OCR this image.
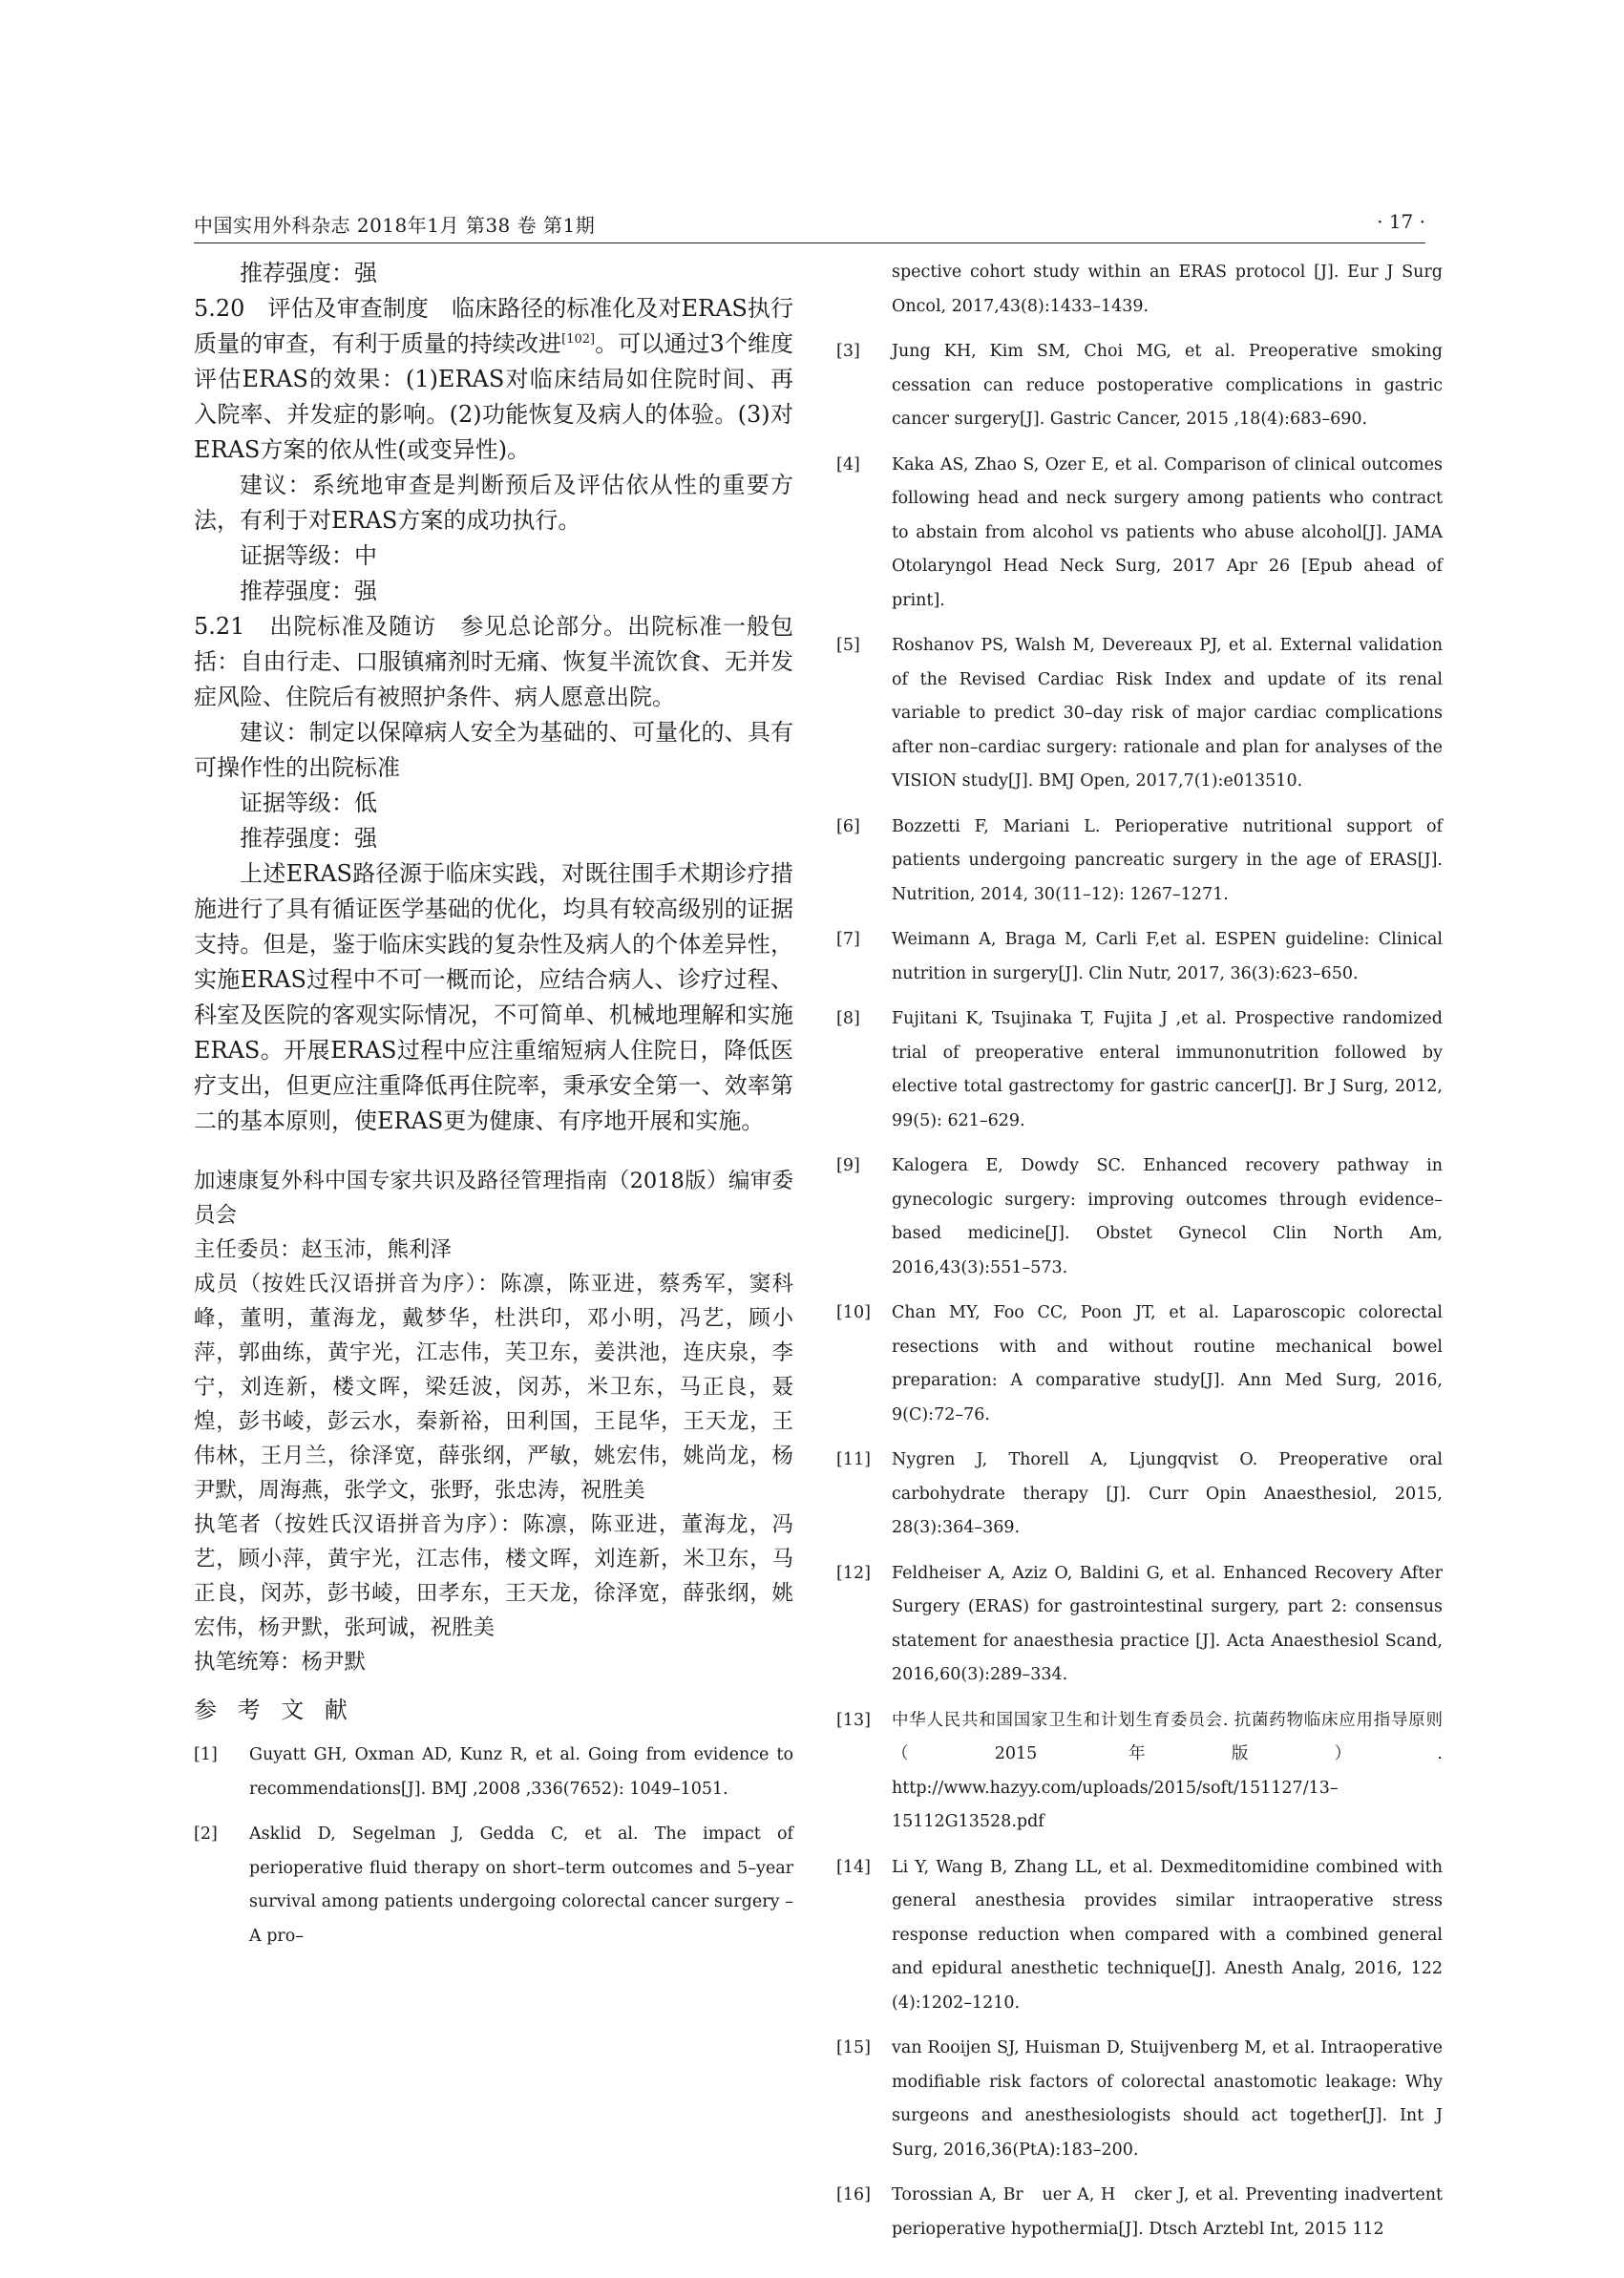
中国实用外科杂志 2018年1月 第38 卷 第1期	· 17 ·

推荐强度：强

5.20　评估及审查制度　临床路径的标准化及对ERAS执行质量的审查，有利于质量的持续改进[102]。可以通过3个维度评估ERAS的效果：(1)ERAS对临床结局如住院时间、再入院率、并发症的影响。(2)功能恢复及病人的体验。(3)对ERAS方案的依从性(或变异性)。

建议：系统地审查是判断预后及评估依从性的重要方法，有利于对ERAS方案的成功执行。

证据等级：中

推荐强度：强

5.21　出院标准及随访　参见总论部分。出院标准一般包括：自由行走、口服镇痛剂时无痛、恢复半流饮食、无并发症风险、住院后有被照护条件、病人愿意出院。

建议：制定以保障病人安全为基础的、可量化的、具有可操作性的出院标准

证据等级：低

推荐强度：强

上述ERAS路径源于临床实践，对既往围手术期诊疗措施进行了具有循证医学基础的优化，均具有较高级别的证据支持。但是，鉴于临床实践的复杂性及病人的个体差异性，实施ERAS过程中不可一概而论，应结合病人、诊疗过程、科室及医院的客观实际情况，不可简单、机械地理解和实施ERAS。开展ERAS过程中应注重缩短病人住院日，降低医疗支出，但更应注重降低再住院率，秉承安全第一、效率第二的基本原则，使ERAS更为健康、有序地开展和实施。

加速康复外科中国专家共识及路径管理指南（2018版）编审委员会

主任委员：赵玉沛，熊利泽

成员（按姓氏汉语拼音为序）：陈凛，陈亚进，蔡秀军，窦科峰，董明，董海龙，戴梦华，杜洪印，邓小明，冯艺，顾小萍，郭曲练，黄宇光，江志伟，芙卫东，姜洪池，连庆泉，李宁，刘连新，楼文晖，梁廷波，闵苏，米卫东，马正良，聂煌，彭书崚，彭云水，秦新裕，田利国，王昆华，王天龙，王伟林，王月兰，徐泽宽，薛张纲，严敏，姚宏伟，姚尚龙，杨尹默，周海燕，张学文，张野，张忠涛，祝胜美

执笔者（按姓氏汉语拼音为序）：陈凛，陈亚进，董海龙，冯艺，顾小萍，黄宇光，江志伟，楼文晖，刘连新，米卫东，马正良，闵苏，彭书崚，田孝东，王天龙，徐泽宽，薛张纲，姚宏伟，杨尹默，张珂诚，祝胜美

执笔统筹：杨尹默

参 考 文 献
[1]	Guyatt GH, Oxman AD, Kunz R, et al. Going from evidence to recommendations[J]. BMJ ,2008 ,336(7652): 1049–1051.
[2]	Asklid D, Segelman J, Gedda C, et al. The impact of perioperative fluid therapy on short–term outcomes and 5–year survival among patients undergoing colorectal cancer surgery – A pro–

spective cohort study within an ERAS protocol [J]. Eur J Surg Oncol, 2017,43(8):1433–1439.

[3]	Jung KH, Kim SM, Choi MG, et al. Preoperative smoking cessation can reduce postoperative complications in gastric cancer surgery[J]. Gastric Cancer, 2015 ,18(4):683–690.
[4]	Kaka AS, Zhao S, Ozer E, et al. Comparison of clinical outcomes following head and neck surgery among patients who contract to abstain from alcohol vs patients who abuse alcohol[J]. JAMA Otolaryngol Head Neck Surg, 2017 Apr 26 [Epub ahead of print].
[5]	Roshanov PS, Walsh M, Devereaux PJ, et al. External validation of the Revised Cardiac Risk Index and update of its renal variable to predict 30–day risk of major cardiac complications after non–cardiac surgery: rationale and plan for analyses of the VISION study[J]. BMJ Open, 2017,7(1):e013510.
[6]	Bozzetti F, Mariani L. Perioperative nutritional support of patients undergoing pancreatic surgery in the age of ERAS[J]. Nutrition, 2014, 30(11–12): 1267–1271.
[7]	Weimann A, Braga M, Carli F,et al. ESPEN guideline: Clinical nutrition in surgery[J]. Clin Nutr, 2017, 36(3):623–650.
[8]	Fujitani K, Tsujinaka T, Fujita J ,et al. Prospective randomized trial of preoperative enteral immunonutrition followed by elective total gastrectomy for gastric cancer[J]. Br J Surg, 2012, 99(5): 621–629.
[9]	Kalogera E, Dowdy SC. Enhanced recovery pathway in gynecologic surgery: improving outcomes through evidence–based medicine[J]. Obstet Gynecol Clin North Am, 2016,43(3):551–573.
[10]	Chan MY, Foo CC, Poon JT, et al. Laparoscopic colorectal resections with and without routine mechanical bowel preparation: A comparative study[J]. Ann Med Surg, 2016, 9(C):72–76.
[11]	Nygren J, Thorell A, Ljungqvist O. Preoperative oral carbohydrate therapy [J]. Curr Opin Anaesthesiol, 2015, 28(3):364–369.
[12]	Feldheiser A, Aziz O, Baldini G, et al. Enhanced Recovery After Surgery (ERAS) for gastrointestinal surgery, part 2: consensus statement for anaesthesia practice [J]. Acta Anaesthesiol Scand, 2016,60(3):289–334.
[13]	中华人民共和国国家卫生和计划生育委员会. 抗菌药物临床应用指导原则（2015 年版）. http://www.hazyy.com/uploads/2015/soft/151127/13–15112G13528.pdf
[14]	Li Y, Wang B, Zhang LL, et al. Dexmeditomidine combined with general anesthesia provides similar intraoperative stress response reduction when compared with a combined general and epidural anesthetic technique[J]. Anesth Analg, 2016, 122 (4):1202–1210.
[15]	van Rooijen SJ, Huisman D, Stuijvenberg M, et al. Intraoperative modifiable risk factors of colorectal anastomotic leakage: Why surgeons and anesthesiologists should act together[J]. Int J Surg, 2016,36(PtA):183–200.
[16]	Torossian A, Br　uer A, H　cker J, et al. Preventing inadvertent perioperative hypothermia[J]. Dtsch Arztebl Int, 2015 112
